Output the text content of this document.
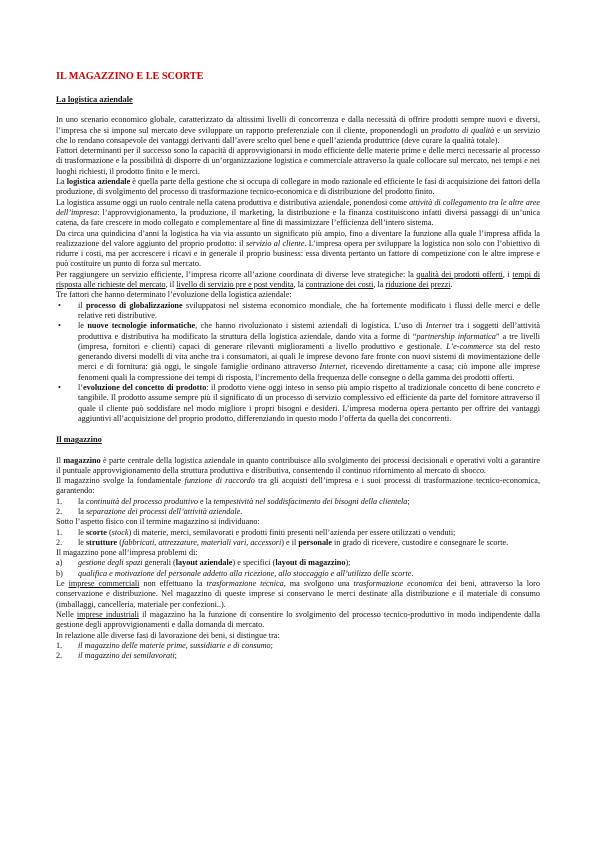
IL MAGAZZINO E LE SCORTE
La logistica aziendale

In uno scenario economico globale, caratterizzato da altissimi livelli di concorrenza e dalla necessità di offrire prodotti sempre nuovi e diversi, l’impresa che si impone sul mercato deve sviluppare un rapporto preferenziale con il cliente, proponendogli un prodotto di qualità e un servizio che lo rendano consapevole dei vantaggi derivanti dall’avere scelto quel bene e quell’azienda produttrice (deve curare la qualità totale).

Fattori determinanti per il successo sono la capacità di approvvigionarsi in modo efficiente delle materie prime e delle merci necessarie al processo di trasformazione e la possibilità di disporre di un’organizzazione logistica e commerciale attraverso la quale collocare sul mercato, nei tempi e nei luoghi richiesti, il prodotto finito e le merci.

La logistica aziendale è quella parte della gestione che si occupa di collegare in modo razionale ed efficiente le fasi di acquisizione dei fattori della produzione, di svolgimento del processo di trasformazione tecnico-economica e di distribuzione del prodotto finito.

La logistica assume oggi un ruolo centrale nella catena produttiva e distributiva aziendale, ponendosi come attività di collegamento tra le altre aree dell’impresa: l’approvvigionamento, la produzione, il marketing, la distribuzione e la finanza costituiscono infatti diversi passaggi di un’unica catena, da fare crescere in modo collegato e complementare al fine di massimizzare l’efficienza dell’intero sistema.

Da circa una quindicina d’anni la logistica ha via via assunto un significato più ampio, fino a diventare la funzione alla quale l’impresa affida la realizzazione del valore aggiunto del proprio prodotto: il servizio al cliente. L’impresa opera per sviluppare la logistica non solo con l’obiettivo di ridurre i costi, ma per accrescere i ricavi e in generale il proprio business: essa diventa pertanto un fattore di competizione con le altre imprese e può costituire un punto di forza sul mercato.

Per raggiungere un servizio efficiente, l’impresa ricorre all’azione coordinata di diverse leve strategiche: la qualità dei prodotti offerti, i tempi di risposta alle richieste del mercato, il livello di servizio pre e post vendita, la contrazione dei costi, la riduzione dei prezzi.

Tre fattori che hanno determinato l’evoluzione della logistica aziendale:

• il processo di globalizzazione sviluppatosi nel sistema economico mondiale, che ha fortemente modificato i flussi delle merci e delle relative reti distributive.
• le nuove tecnologie informatiche, che hanno rivoluzionato i sistemi aziendali di logistica. L’uso di Internet tra i soggetti dell’attività produttiva e distributiva ha modificato la struttura della logistica aziendale, dando vita a forme di “partnership informatica” a tre livelli (impresa, fornitori e clienti) capaci di generare rilevanti miglioramenti a livello produttivo e gestionale. L’e-commerce sta del resto generando diversi modelli di vita anche tra i consumatori, ai quali le imprese devono fare fronte con nuovi sistemi di movimentazione delle merci e di fornitura: già oggi, le singole famiglie ordinano attraverso Internet, ricevendo direttamente a casa; ciò impone alle imprese fenomeni quali la compressione dei tempi di risposta, l’incremento della frequenza delle consegne o della gamma dei prodotti offerti.
• l’evoluzione del concetto di prodotto: il prodotto viene oggi inteso in senso più ampio rispetto al tradizionale concetto di bene concreto e tangibile. Il prodotto assume sempre più il significato di un processo di servizio complessivo ed efficiente da parte del fornitore attraverso il quale il cliente può soddisfare nel modo migliore i propri bisogni e desideri. L’impresa moderna opera pertanto per offrire dei vantaggi aggiuntivi all’acquisizione del proprio prodotto, differenziando in questo modo l’offerta da quella dei concorrenti.
Il magazzino

Il magazzino è parte centrale della logistica aziendale in quanto contribuisce allo svolgimento dei processi decisionali e operativi volti a garantire il puntuale approvvigionamento della struttura produttiva e distributiva, consentendo il continuo rifornimento al mercato di sbocco.

Il magazzino svolge la fondamentale funzione di raccordo tra gli acquisti dell’impresa e i suoi processi di trasformazione tecnico-economica, garantendo:

1. la continuità del processo produttivo e la tempestività nel soddisfacimento dei bisogni della clientela;
2. la separazione dei processi dell’attività aziendale.

Sotto l’aspetto fisico con il termine magazzino si individuano:

1. le scorte (stock) di materie, merci, semilavorati e prodotti finiti presenti nell’azienda per essere utilizzati o venduti;
2. le strutture (fabbricati, attrezzature, materiali vari, accessori) e il personale in grado di ricevere, custodire e consegnare le scorte.

Il magazzino pone all’impresa problemi di:

a) gestione degli spazi generali (layout aziendale) e specifici (layout di magazzino);
b) qualifica e motivazione del personale addetto alla ricezione, allo stoccaggio e all’utilizzo delle scorte.

Le imprese commerciali non effettuano la trasformazione tecnica, ma svolgono una trasformazione economica dei beni, attraverso la loro conservazione e distribuzione. Nel magazzino di queste imprese si conservano le merci destinate alla distribuzione e il materiale di consumo (imballaggi, cancelleria, materiale per confezioni..).

Nelle imprese industriali il magazzino ha la funzione di consentire lo svolgimento del processo tecnico-produttivo in modo indipendente dalla gestione degli approvvigionamenti e dalla domanda di mercato.

In relazione alle diverse fasi di lavorazione dei beni, si distingue tra:

1. il magazzino delle materie prime, sussidiarie e di consumo;
2. il magazzino dei semilavorati;
